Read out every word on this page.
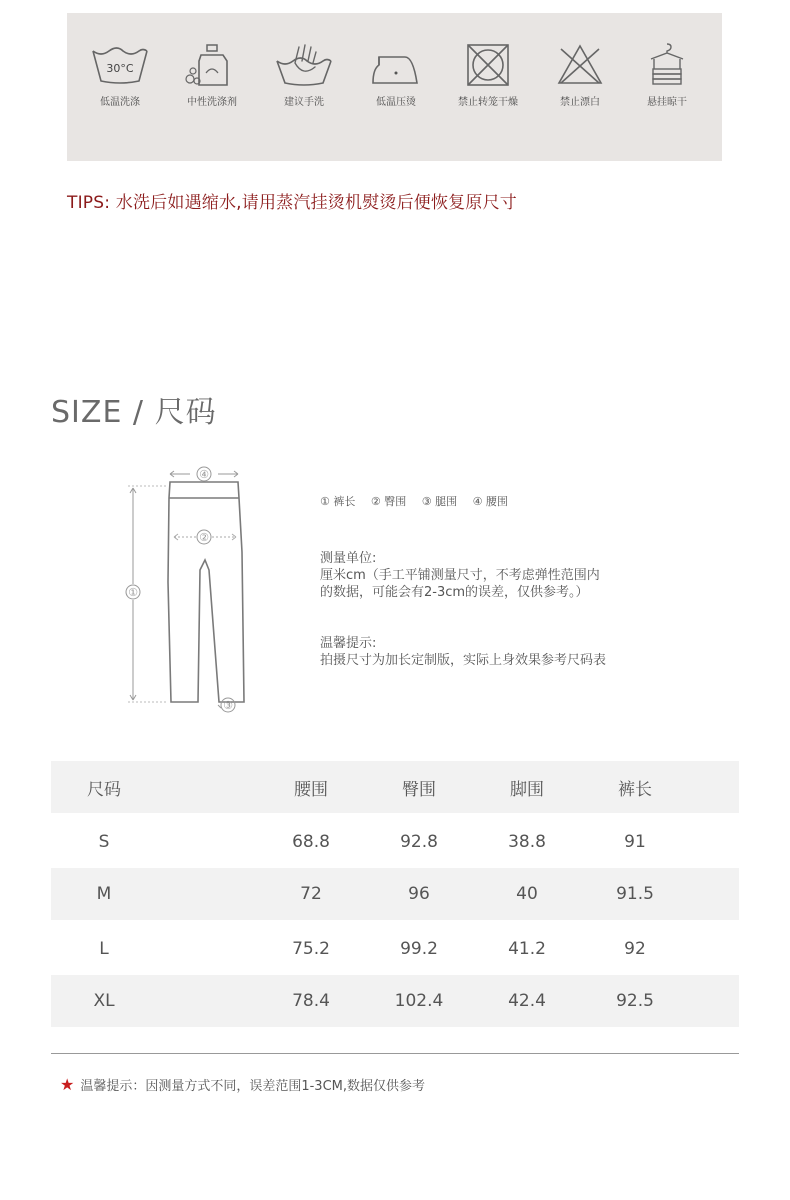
30°C
低温洗涤	中性洗涤剂	建议手洗	低温压烫	禁止转笼干燥	禁止漂白	悬挂晾干
TIPS: 水洗后如遇缩水,请用蒸汽挂烫机熨烫后便恢复原尺寸
SIZE / 尺码
④
②
①
③
① 裤长 ② 臀围 ③ 腿围 ④ 腰围

测量单位:

厘米cm（手工平铺测量尺寸，不考虑弹性范围内

的数据，可能会有2-3cm的误差，仅供参考。）

温馨提示:

拍摄尺寸为加长定制版，实际上身效果参考尺码表

尺码	腰围	臀围	脚围	裤长	

S	68.8	92.8	38.8	91	
M	72	96	40	91.5	

L	75.2	99.2	41.2	92	
XL	78.4	102.4	42.4	92.5	
★ 温馨提示：因测量方式不同，误差范围1-3CM,数据仅供参考
